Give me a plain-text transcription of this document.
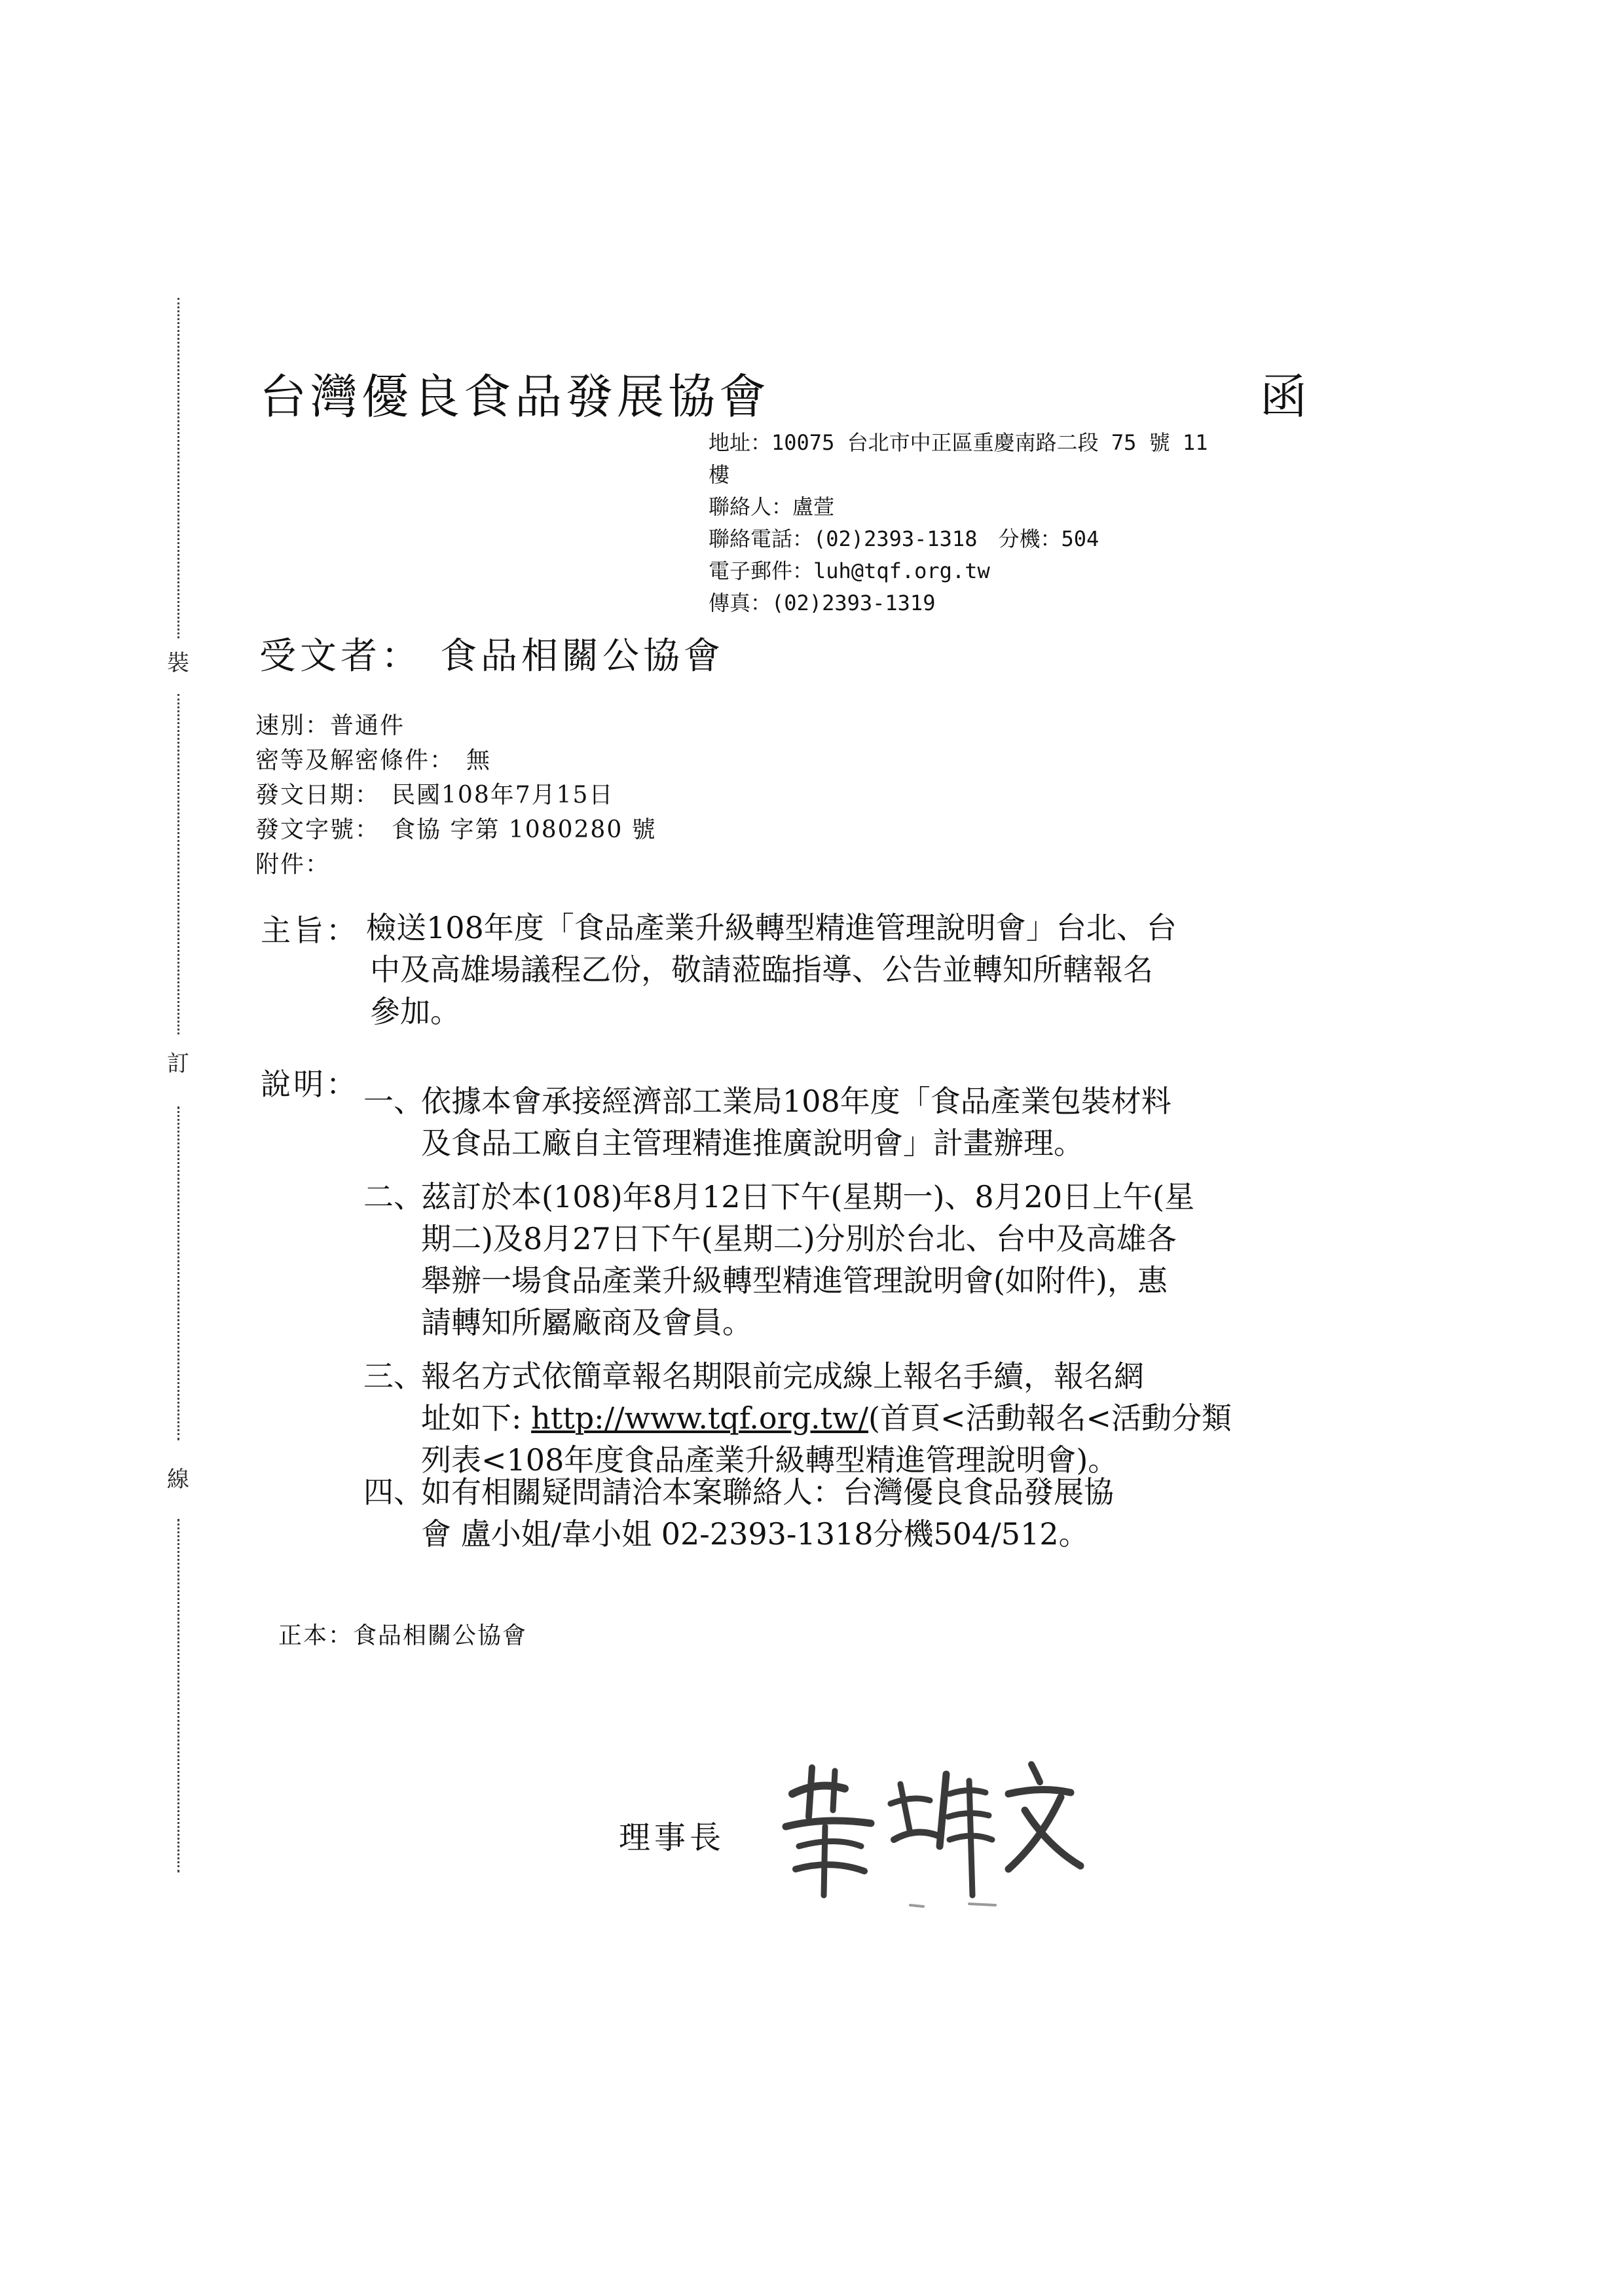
裝
訂
線
台灣優良食品發展協會	函
地址：10075 台北市中正區重慶南路二段 75 號 11
樓
聯絡人：盧萱
聯絡電話：(02)2393-1318　分機：504
電子郵件：luh@tqf.org.tw
傳真：(02)2393-1319
受文者： 食品相關公協會
速別：普通件
密等及解密條件： 無
發文日期： 民國108年7月15日
發文字號： 食協 字第 1080280 號
附件：
主旨： 檢送108年度「食品產業升級轉型精進管理說明會」台北、台
中及高雄場議程乙份，敬請蒞臨指導、公告並轉知所轄報名
參加。
說明： 一、
依據本會承接經濟部工業局108年度「食品產業包裝材料
及食品工廠自主管理精進推廣說明會」計畫辦理。
二、
茲訂於本(108)年8月12日下午(星期一)、8月20日上午(星
期二)及8月27日下午(星期二)分別於台北、台中及高雄各
舉辦一場食品產業升級轉型精進管理說明會(如附件)，惠
請轉知所屬廠商及會員。
三、
報名方式依簡章報名期限前完成線上報名手續，報名網
址如下: http://www.tqf.org.tw/(首頁<活動報名<活動分類
列表<108年度食品產業升級轉型精進管理說明會)。
四、
如有相關疑問請洽本案聯絡人：台灣優良食品發展協
會 盧小姐/韋小姐 02-2393-1318分機504/512。
正本：食品相關公協會
理事長
